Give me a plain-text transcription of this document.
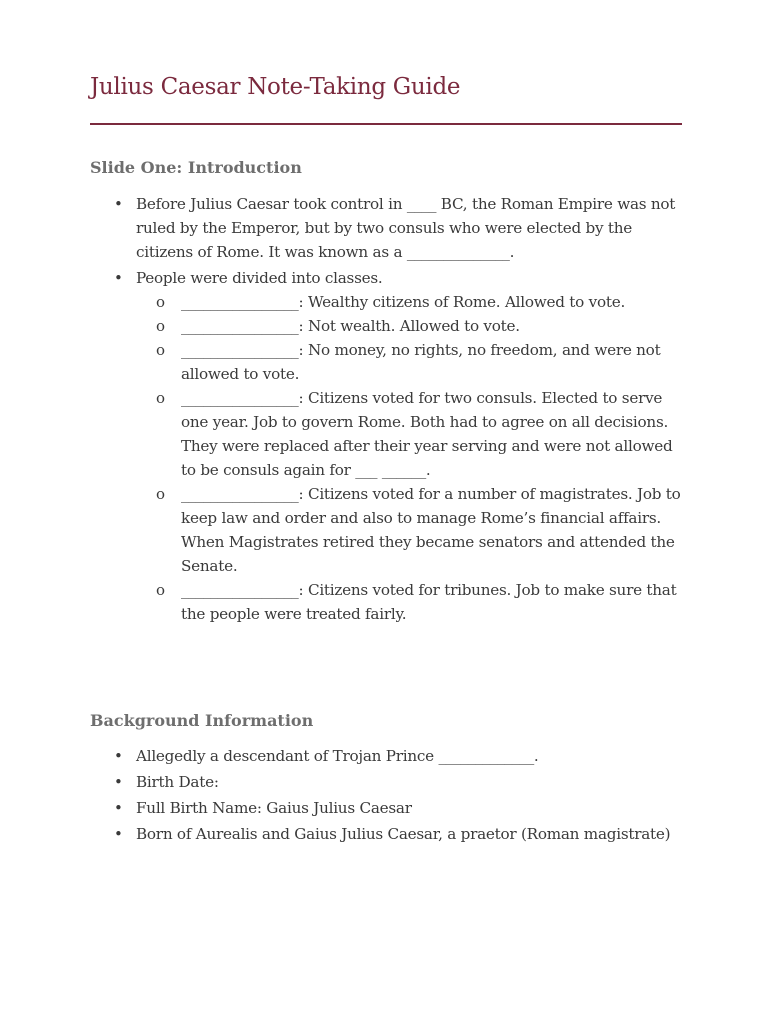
Julius Caesar Note-Taking Guide
Slide One: Introduction
• Before Julius Caesar took control in ____ BC, the Roman Empire was not ruled by the Emperor, but by two consuls who were elected by the citizens of Rome. It was known as a ______________.
• People were divided into classes.
o ________________: Wealthy citizens of Rome. Allowed to vote.
o ________________: Not wealth. Allowed to vote.
o ________________: No money, no rights, no freedom, and were not allowed to vote.
o ________________: Citizens voted for two consuls. Elected to serve one year. Job to govern Rome. Both had to agree on all decisions. They were replaced after their year serving and were not allowed to be consuls again for ___ ______.
o ________________: Citizens voted for a number of magistrates. Job to keep law and order and also to manage Rome’s financial affairs. When Magistrates retired they became senators and attended the Senate.
o ________________: Citizens voted for tribunes. Job to make sure that the people were treated fairly.
Background Information
• Allegedly a descendant of Trojan Prince _____________.
• Birth Date:
• Full Birth Name: Gaius Julius Caesar
• Born of Aurealis and Gaius Julius Caesar, a praetor (Roman magistrate)
